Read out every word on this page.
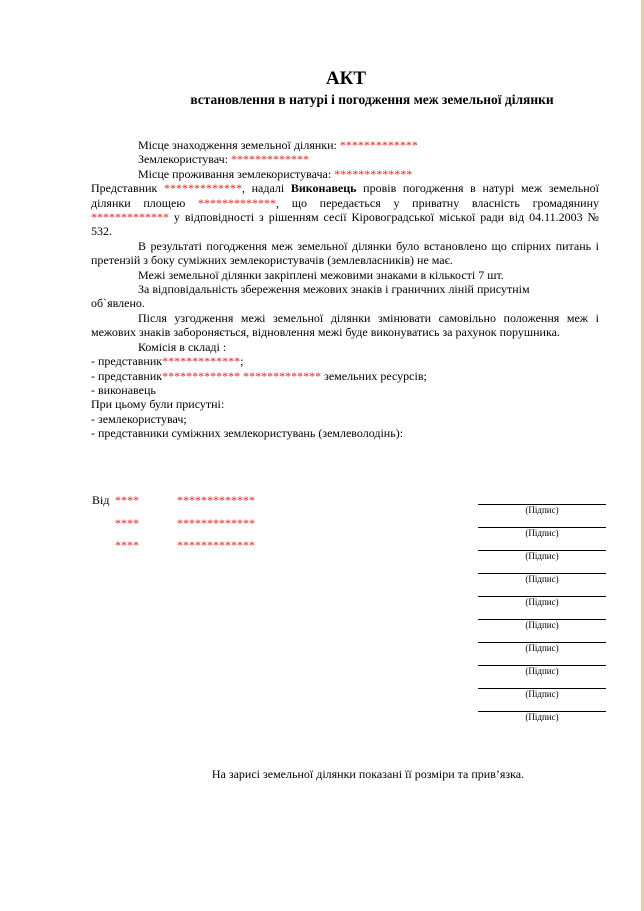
АКТ
встановлення в натурі і погодження меж земельної ділянки

Місце знаходження земельної ділянки: *************

Землекористувач: *************

Місце проживання землекористувача: *************

Представник *************, надалі Виконавець провів погодження в натурі меж земельної ділянки площею *************, що передається у приватну власність громадянину ************* у відповідності з рішенням сесії Кіровоградської міської ради від 04.11.2003 № 532.

В результаті погодження меж земельної ділянки було встановлено що спірних питань і претензій з боку суміжних землекористувачів (землевласників) не має.

Межі земельної ділянки закріплені межовими знаками в кількості 7 шт.

За відповідальність збереження межових знаків і граничних ліній присутнім

об`явлено.

Після узгодження межі земельної ділянки змінювати самовільно положення меж і межових знаків забороняється, відновлення межі буде виконуватись за рахунок порушника.

Комісія в складі :

- представник*************;

- представник************* ************* земельних ресурсів;

- виконавець

При цьому були присутні:

- землекористувач;

- представники суміжних землекористувань (землеволодінь):

Від ****	*************
****	*************
****	*************
(Підпис)
(Підпис)
(Підпис)
(Підпис)
(Підпис)
(Підпис)
(Підпис)
(Підпис)
(Підпис)
(Підпис)
На зарисі земельної ділянки показані її розміри та прив’язка.
